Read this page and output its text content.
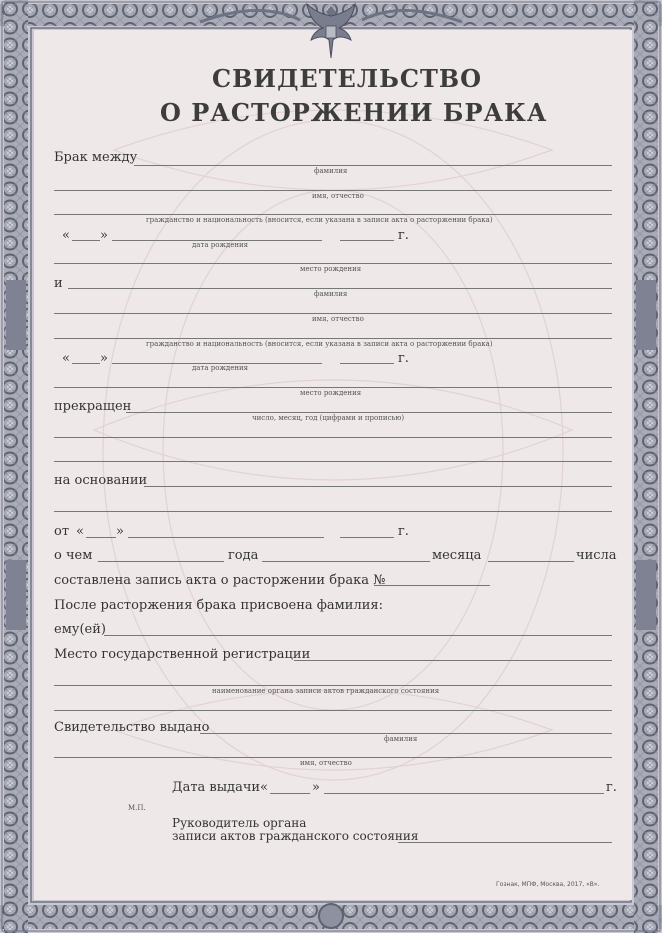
СВИДЕТЕЛЬСТВО
О РАСТОРЖЕНИИ БРАКА
Брак между
фамилия
имя, отчество
гражданство и национальность (вносится, если указана в записи акта о расторжении брака)
« »	г.
дата рождения
место рождения
и
фамилия
имя, отчество
гражданство и национальность (вносится, если указана в записи акта о расторжении брака)
« »	г.
дата рождения
место рождения
прекращен
число, месяц, год (цифрами и прописью)
на основании
от « »	г.
о чем	года	месяца	числа
составлена запись акта о расторжении брака №
После расторжения брака присвоена фамилия:
ему(ей)
Место государственной регистрации
наименование органа записи актов гражданского состояния
Свидетельство выдано
фамилия
имя, отчество
Дата выдачи «	»	г.
М.П.
Руководитель органа
записи актов гражданского состояния
Гознак, МПФ, Москва, 2017, «В».
